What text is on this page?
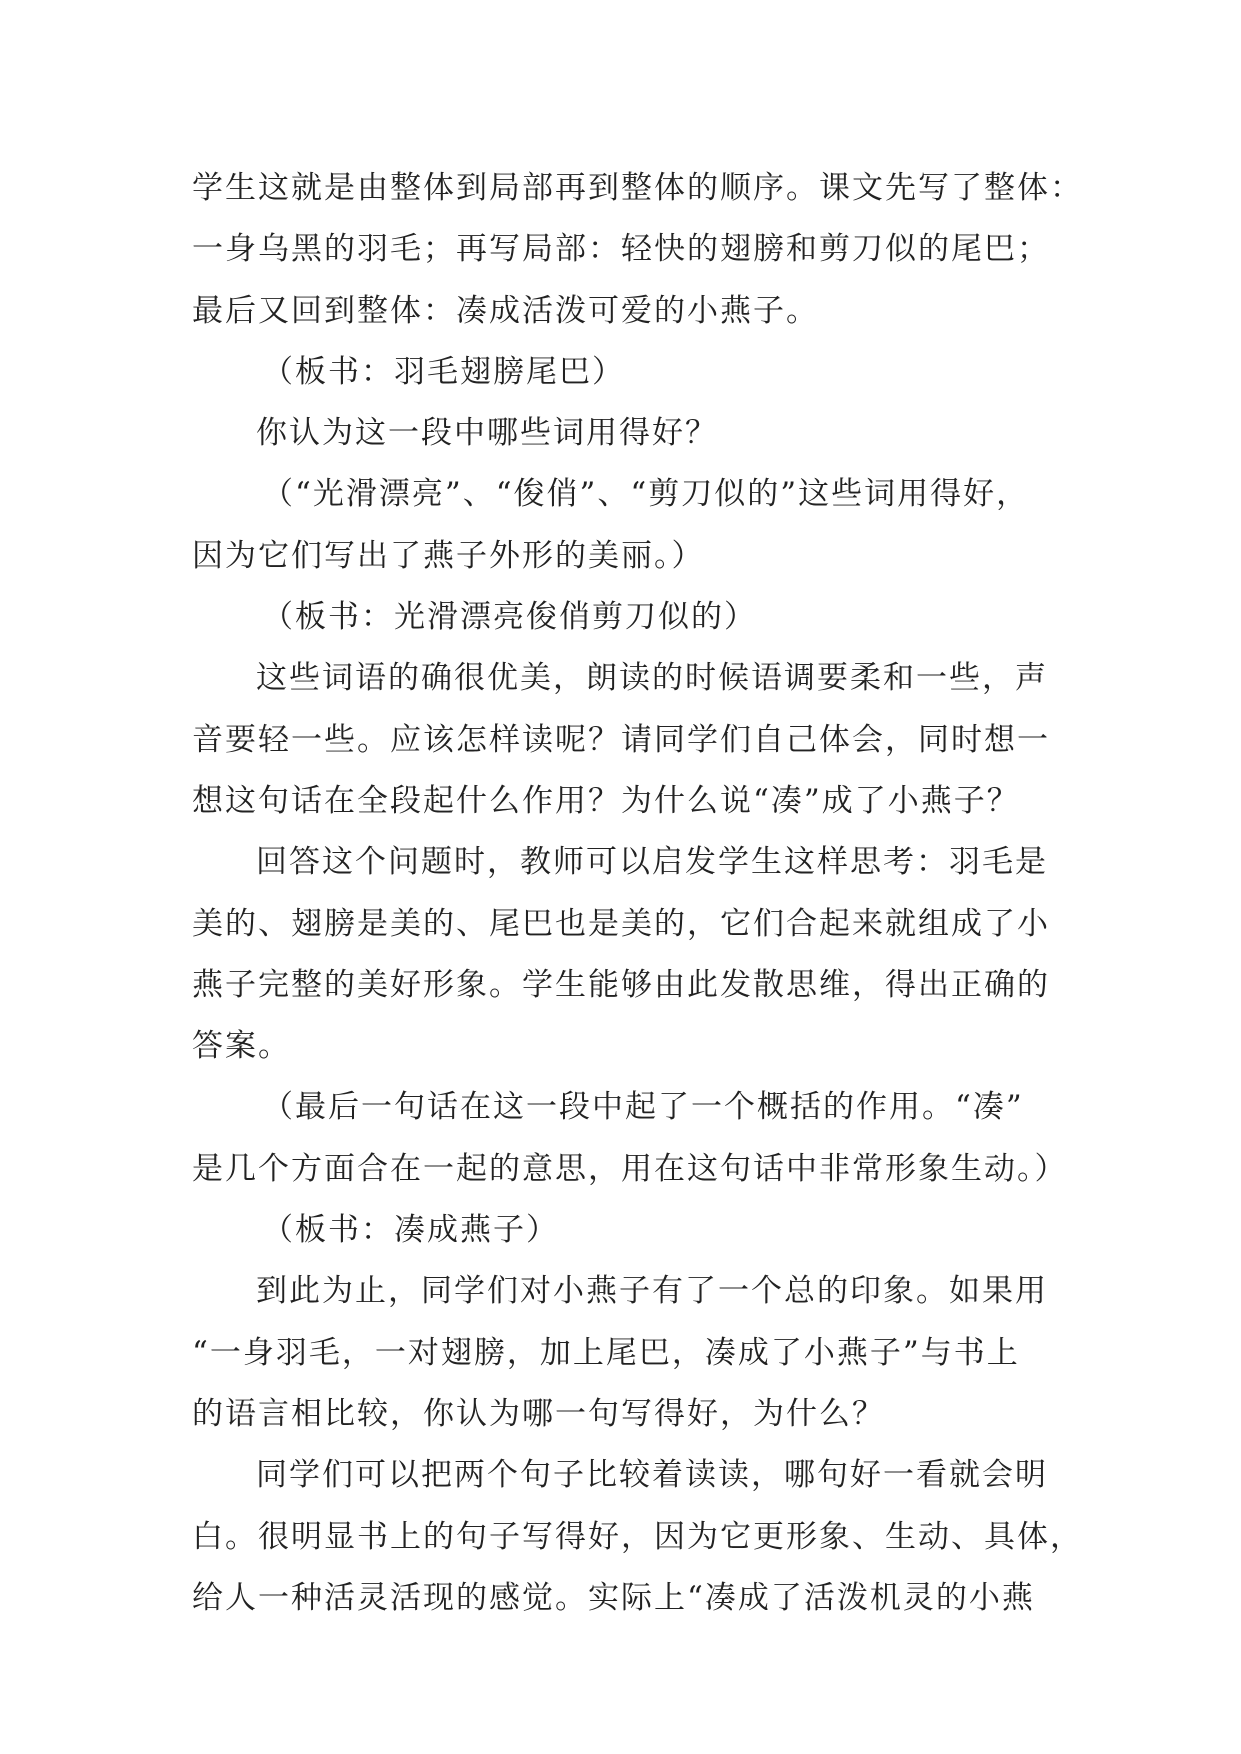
学生这就是由整体到局部再到整体的顺序。课文先写了整体：
一身乌黑的羽毛；再写局部：轻快的翅膀和剪刀似的尾巴；
最后又回到整体：凑成活泼可爱的小燕子。
（板书：羽毛翅膀尾巴）
你认为这一段中哪些词用得好？
（“光滑漂亮”、“俊俏”、“剪刀似的”这些词用得好，
因为它们写出了燕子外形的美丽。）
（板书：光滑漂亮俊俏剪刀似的）
这些词语的确很优美，朗读的时候语调要柔和一些，声
音要轻一些。应该怎样读呢？请同学们自己体会，同时想一
想这句话在全段起什么作用？为什么说“凑”成了小燕子？
回答这个问题时，教师可以启发学生这样思考：羽毛是
美的、翅膀是美的、尾巴也是美的，它们合起来就组成了小
燕子完整的美好形象。学生能够由此发散思维，得出正确的
答案。
（最后一句话在这一段中起了一个概括的作用。“凑”
是几个方面合在一起的意思，用在这句话中非常形象生动。）
（板书：凑成燕子）
到此为止，同学们对小燕子有了一个总的印象。如果用
“一身羽毛，一对翅膀，加上尾巴，凑成了小燕子”与书上
的语言相比较，你认为哪一句写得好，为什么？
同学们可以把两个句子比较着读读，哪句好一看就会明
白。很明显书上的句子写得好，因为它更形象、生动、具体，
给人一种活灵活现的感觉。实际上“凑成了活泼机灵的小燕
